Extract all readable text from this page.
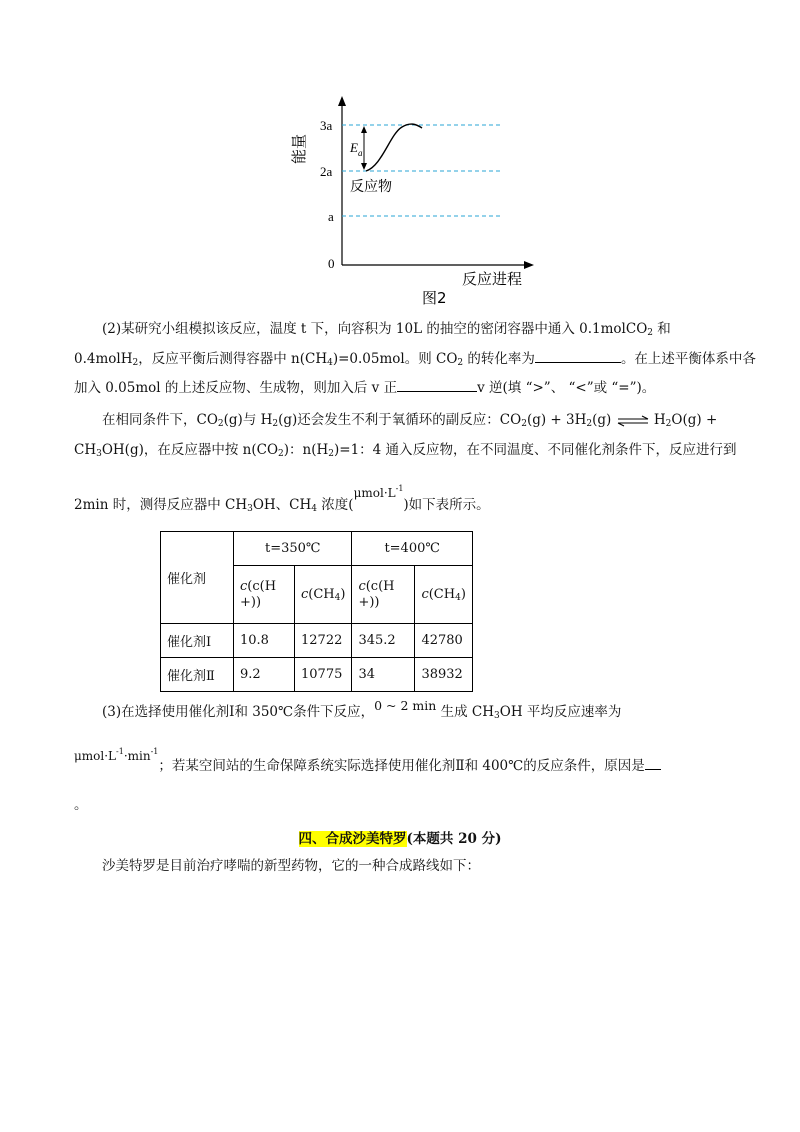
3a
2a
a
0
$E_a$
反应物
能量
反应进程
图2
(2)某研究小组模拟该反应，温度 t 下，向容积为 10L 的抽空的密闭容器中通入 0.1molCO$_2$ 和
0.4molH$_2$，反应平衡后测得容器中 $n(CH_4)=0.05mol$。则 $CO_2$ 的转化率为	。在上述平衡体系中各
加入 0.05mol 的上述反应物、生成物，则加入后 v 正	v 逆(填 “>”、 “<”或 “=”)。
在相同条件下，$CO_2(g)$与 $H_2(g)$还会发生不利于氧循环的副反应：$CO_2(g) + 3H_2(g)$ ⇌ $H_2O(g)$ +
$CH_3OH(g)$，在反应器中按 $n(CO_2)$：$n(H_2)=1$：4 通入反应物，在不同温度、不同催化剂条件下，反应进行到
2min 时，测得反应器中 $CH_3OH$、$CH_4$ 浓度$(\mu mol\cdot L^{-1})$如下表所示。
催化剂	t=350℃		t=400℃	
	c(c(H
+))	$c(CH_4)$	c(c(H
+))	$c(CH_4)$
催化剂Ⅰ	10.8	12722	345.2	42780
催化剂Ⅱ	9.2	10775	34	38932
(3)在选择使用催化剂Ⅰ和 350℃条件下反应，0 ~ 2 min 生成 $CH_3OH$ 平均反应速率为
$\mu mol\cdot L^{-1}\cdot\min^{-1}$；若某空间站的生命保障系统实际选择使用催化剂Ⅱ和 400℃的反应条件，原因是
。
四、合成沙美特罗(本题共 20 分)
沙美特罗是目前治疗哮喘的新型药物，它的一种合成路线如下：
